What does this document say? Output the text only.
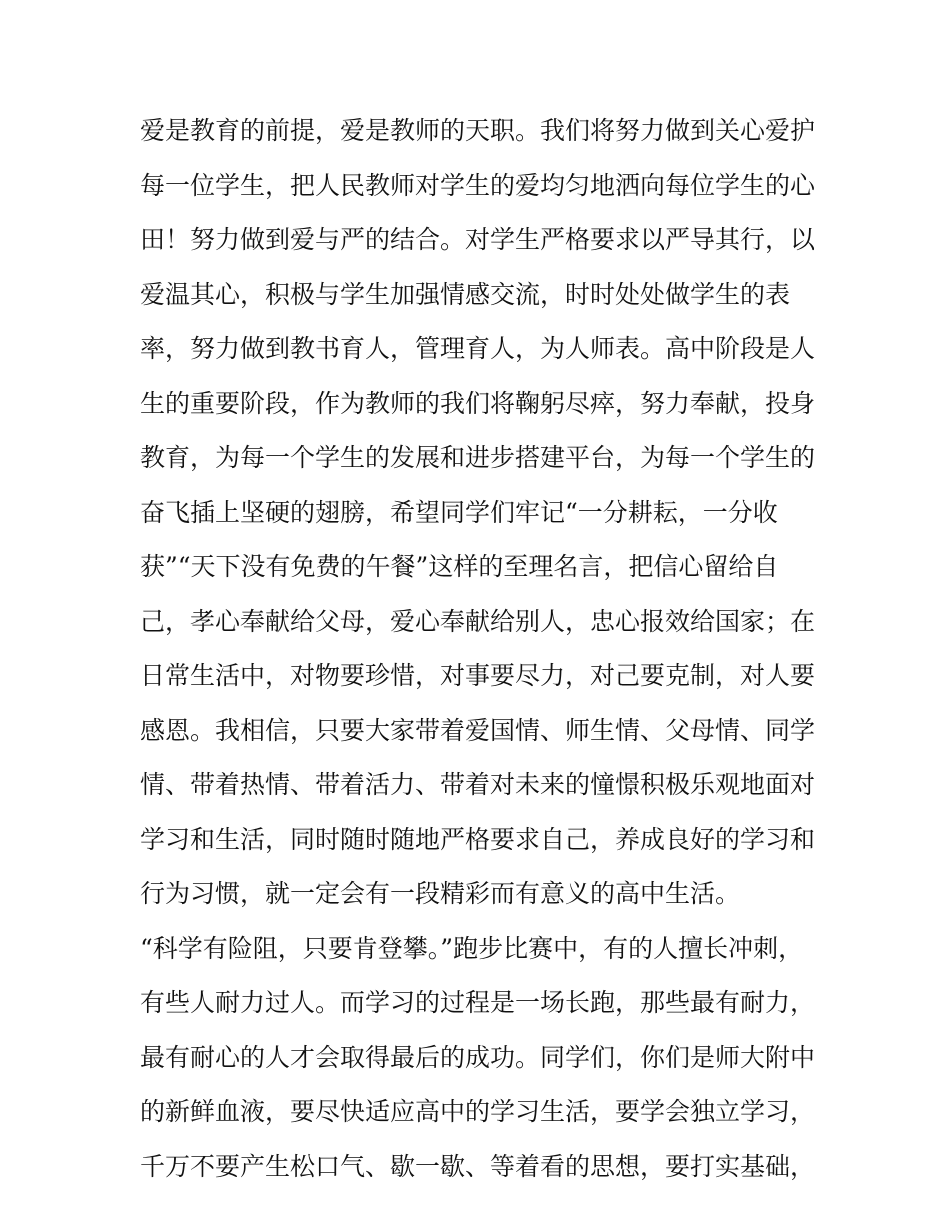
爱是教育的前提，爱是教师的天职。我们将努力做到关心爱护
每一位学生，把人民教师对学生的爱均匀地洒向每位学生的心
田！努力做到爱与严的结合。对学生严格要求以严导其行，以
爱温其心，积极与学生加强情感交流，时时处处做学生的表
率，努力做到教书育人，管理育人，为人师表。高中阶段是人
生的重要阶段，作为教师的我们将鞠躬尽瘁，努力奉献，投身
教育，为每一个学生的发展和进步搭建平台，为每一个学生的
奋飞插上坚硬的翅膀，希望同学们牢记“一分耕耘，一分收
获”“天下没有免费的午餐”这样的至理名言，把信心留给自
己，孝心奉献给父母，爱心奉献给别人，忠心报效给国家；在
日常生活中，对物要珍惜，对事要尽力，对己要克制，对人要
感恩。我相信，只要大家带着爱国情、师生情、父母情、同学
情、带着热情、带着活力、带着对未来的憧憬积极乐观地面对
学习和生活，同时随时随地严格要求自己，养成良好的学习和
行为习惯，就一定会有一段精彩而有意义的高中生活。
“科学有险阻，只要肯登攀。”跑步比赛中，有的人擅长冲刺，
有些人耐力过人。而学习的过程是一场长跑，那些最有耐力，
最有耐心的人才会取得最后的成功。同学们，你们是师大附中
的新鲜血液，要尽快适应高中的学习生活，要学会独立学习，
千万不要产生松口气、歇一歇、等着看的思想，要打实基础，
